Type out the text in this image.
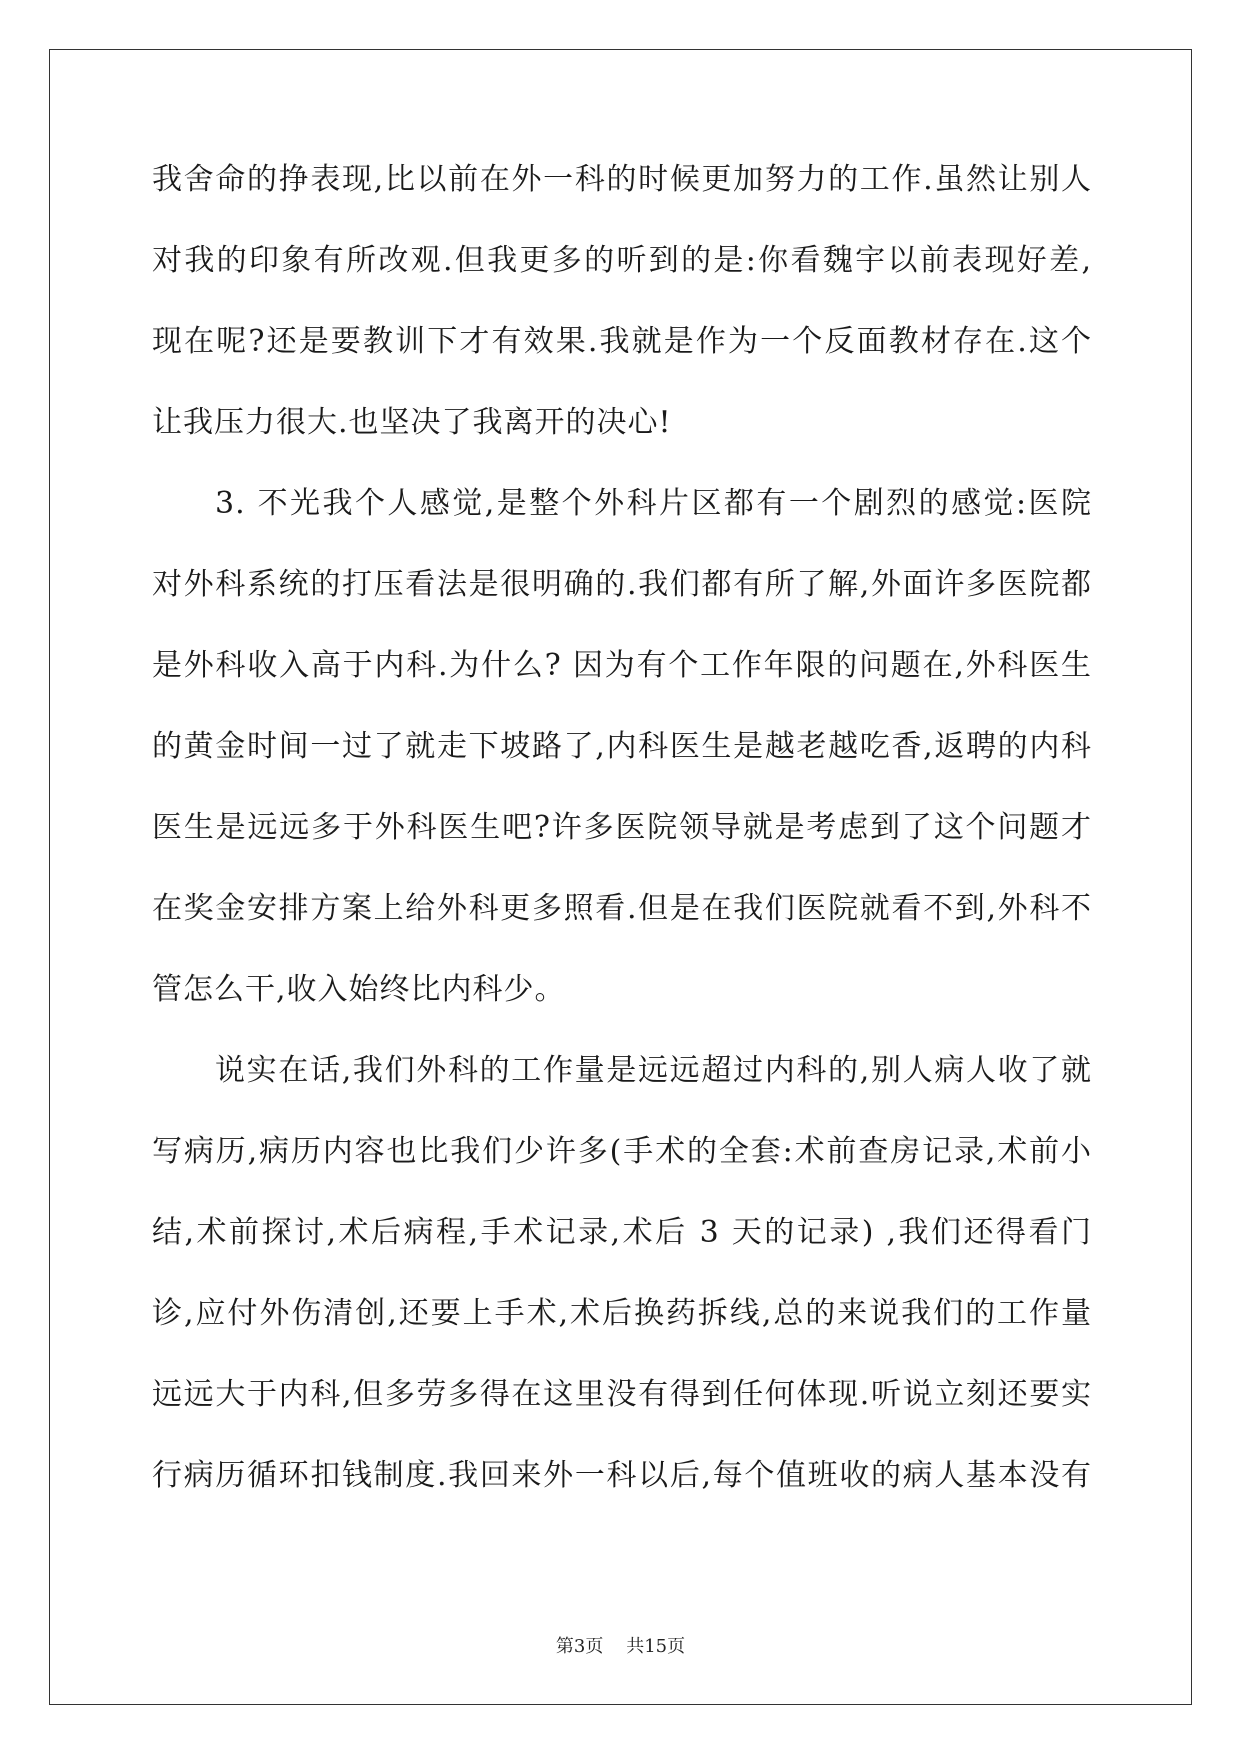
我舍命的挣表现,比以前在外一科的时候更加努力的工作.虽然让别人
对我的印象有所改观.但我更多的听到的是:你看魏宇以前表现好差,
现在呢?还是要教训下才有效果.我就是作为一个反面教材存在.这个
让我压力很大.也坚决了我离开的决心!
3. 不光我个人感觉,是整个外科片区都有一个剧烈的感觉:医院
对外科系统的打压看法是很明确的.我们都有所了解,外面许多医院都
是外科收入高于内科.为什么? 因为有个工作年限的问题在,外科医生
的黄金时间一过了就走下坡路了,内科医生是越老越吃香,返聘的内科
医生是远远多于外科医生吧?许多医院领导就是考虑到了这个问题才
在奖金安排方案上给外科更多照看.但是在我们医院就看不到,外科不
管怎么干,收入始终比内科少。
说实在话,我们外科的工作量是远远超过内科的,别人病人收了就
写病历,病历内容也比我们少许多(手术的全套:术前查房记录,术前小
结,术前探讨,术后病程,手术记录,术后 3 天的记录) ,我们还得看门
诊,应付外伤清创,还要上手术,术后换药拆线,总的来说我们的工作量
远远大于内科,但多劳多得在这里没有得到任何体现.听说立刻还要实
行病历循环扣钱制度.我回来外一科以后,每个值班收的病人基本没有
第3页 共15页
